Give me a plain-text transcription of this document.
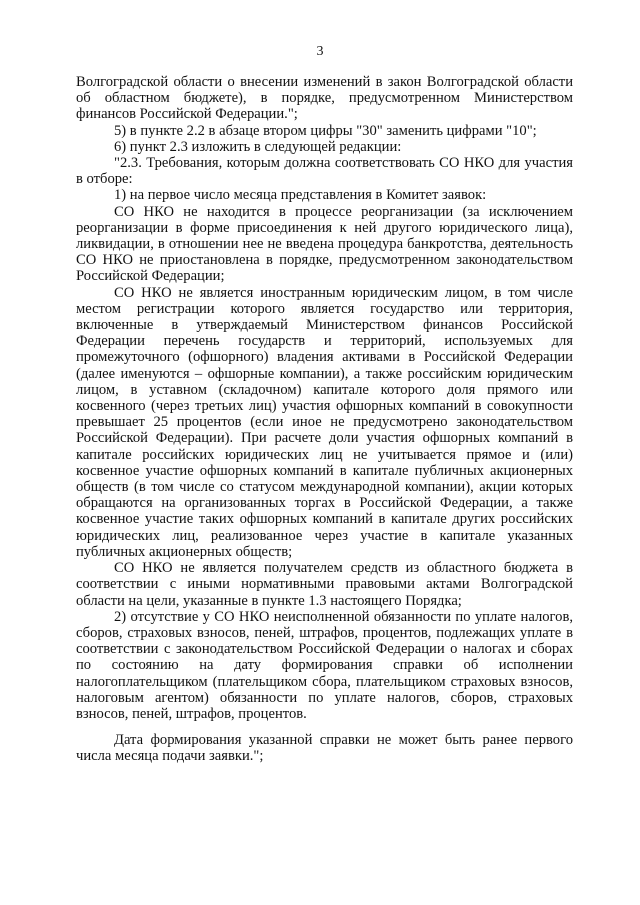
3

Волгоградской области о внесении изменений в закон Волгоградской области об областном бюджете), в порядке, предусмотренном Министерством финансов Российской Федерации.";

5) в пункте 2.2 в абзаце втором цифры "30" заменить цифрами "10";

6) пункт 2.3 изложить в следующей редакции:

"2.3. Требования, которым должна соответствовать СО НКО для участия в отборе:

1) на первое число месяца представления в Комитет заявок:

СО НКО не находится в процессе реорганизации (за исключением реорганизации в форме присоединения к ней другого юридического лица), ликвидации, в отношении нее не введена процедура банкротства, деятельность СО НКО не приостановлена в порядке, предусмотренном законодательством Российской Федерации;

СО НКО не является иностранным юридическим лицом, в том числе местом регистрации которого является государство или территория, включенные в утверждаемый Министерством финансов Российской Федерации перечень государств и территорий, используемых для промежуточного (офшорного) владения активами в Российской Федерации (далее именуются – офшорные компании), а также российским юридическим лицом, в уставном (складочном) капитале которого доля прямого или косвенного (через третьих лиц) участия офшорных компаний в совокупности превышает 25 процентов (если иное не предусмотрено законодательством Российской Федерации). При расчете доли участия офшорных компаний в капитале российских юридических лиц не учитывается прямое и (или) косвенное участие офшорных компаний в капитале публичных акционерных обществ (в том числе со статусом международной компании), акции которых обращаются на организованных торгах в Российской Федерации, а также косвенное участие таких офшорных компаний в капитале других российских юридических лиц, реализованное через участие в капитале указанных публичных акционерных обществ;

СО НКО не является получателем средств из областного бюджета в соответствии с иными нормативными правовыми актами Волгоградской области на цели, указанные в пункте 1.3 настоящего Порядка;

2) отсутствие у СО НКО неисполненной обязанности по уплате налогов, сборов, страховых взносов, пеней, штрафов, процентов, подлежащих уплате в соответствии с законодательством Российской Федерации о налогах и сборах по состоянию на дату формирования справки об исполнении налогоплательщиком (плательщиком сбора, плательщиком страховых взносов, налоговым агентом) обязанности по уплате налогов, сборов, страховых взносов, пеней, штрафов, процентов.

Дата формирования указанной справки не может быть ранее первого числа месяца подачи заявки.";
